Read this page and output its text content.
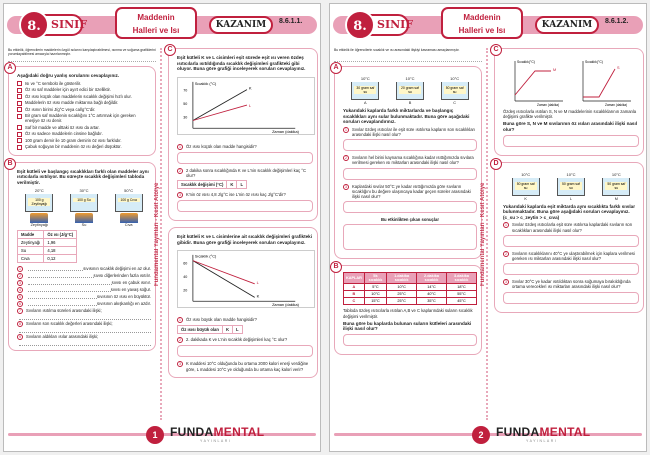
8. SINIF
Maddenin
Halleri ve Isı
KAZANIM	8.6.1.1.
Bu etkinlik, öğrencilerin maddelerin özgül ısılarını karşılaştırabilmesi, ısınma ve soğuma grafiklerini yorumlayabilmesi amacıyla hazırlanmıştır.
A
Aşağıdaki doğru yanlış sorularını cevaplayınız.
Isı ve °C sembolü ile gösterilir.
Öz ısı saf maddeler için ayırt edici bir özelliktir.
Öz ısısı küçük olan maddelerin sıcaklık değişimi hızlı olur.
Maddelerin öz ısısı madde miktarına bağlı değildir.
Öz ısının birimi J/g°C veya cal/g°C'dir.
Bir gram saf maddenin sıcaklığını 1°C artırmak için gereken enerjiye öz ısı denir.
Saf bir madde ve alttaki öz ısısı da artar.
Öz ısı sadece maddelerin cinsine bağlıdır.
100 gram demir ile 10 gram demirin öz ısısı farklıdır.
Çabuk soğuyan bir maddenin öz ısı değeri düşüktür.
B
Eşit kütleli ve başlangıç sıcaklıkları farklı olan maddeler aynı ısıtıcılarla ısıtılıyor. Bu süreçte sıcaklık değişimleri tabloda verilmiştir.
20°C
100 g Zeytinyağı
Zeytinyağı
30°C
100 g Su
Su
50°C
100 g Cıva
Cıva
Madde	Öz ısı (J/g°C)
Zeytinyağı	1,96
Su	4,18
Cıva	0,12
1	sıvısının sıcaklık değişimi en az olur.
2	sıvısı diğerlerinden fazla ısıtılır.
3	sıvısı en çabuk ısınır.
4	sıvısı en yavaş soğur.
5	sıvısının öz ısısı en büyüktür.
6	sıvısının akışkanlığı en azdır.
7	Sıvıların ısıtılma süreleri arasındaki ilişki;
8	Sıvıların son sıcaklık değerleri arasındaki ilişki;
9	Sıvıların aldıkları ısılar arasındaki ilişki;
C
Eşit kütleli K ve L cisimleri eşit sürede eşit ısı veren özdeş ısıtıcılarla ısıtıldığında sıcaklık değişimleri grafikteki gibi oluyor. Buna göre grafiği inceleyerek soruları cevaplayınız.
Sıcaklık (°C)
Zaman (dakika)
70
50
30
K
L
1	Öz ısısı küçük olan madde hangisidir?
2	2 dakika sonra sıcaklığında K ve L'nin sıcaklık değişimleri kaç °C olur?
Sıcaklık değişimi (°C)	K	L
3	K'nin öz ısısı 4,8 J/g°C ise L'nin öz ısısı kaç J/g°C'dir?
Eşit kütleli K ve L cisimlerine ait sıcaklık değişimleri grafikteki gibidir. Buna göre grafiği inceleyerek soruları cevaplayınız.
Sıcaklık (°C)
Zaman (dakika)
60
40
20
K
L
1	Öz ısısı büyük olan madde hangisidir?
Öz ısısı büyük olan	K	L
2	2. dakikada K ve L'nin sıcaklık değişimleri kaç °C olur?
3	K maddesi 10°C olduğunda bu ortama 2000 kalori enerji verdiğine göre, L maddesi 10°C ye olduğunda bu ortama kaç kalori verir?
Fundamental Yayınları - Kesit Atölye
1	FUNDAMENTAL
YAYINLARI
8. SINIF
Maddenin
Halleri ve Isı
KAZANIM	8.6.1.2.
Bu etkinlik ile öğrencilerin sıcaklık ve ısı arasındaki ilişkiyi kavraması amaçlanmıştır.
A
10°C
30 gram saf su
A
10°C
20 gram saf su
B
10°C
50 gram saf su
C
Yukarıdaki kaplarda farklı miktarlarda ve başlangıç sıcaklıkları aynı sular bulunmaktadır. Buna göre aşağıdaki soruları cevaplandırınız.
1	Sıvılar özdeş ısıtıcılar ile eşit süre ısıtılırsa kapların son sıcaklıkları arasındaki ilişki nasıl olur?
2	Sıvıların hel birini kaynama sıcaklığına kadar ısıttığımızda sıvılara verilmesi gereken ısı miktarları arasındaki ilişki nasıl olur?
3	Kaplardaki sıvılar 50°C ye kadar ısıttığımızda göre sıvıların sıcaklığını bu değere ulaşıncaya kadar geçen süreler arasındaki ilişki nasıl olur?
Bu etkinlikten çıkan sonuçlar
B
KAPLAR	İlk sıcaklık	1.dakika sıcaklık	2.dakika sıcaklık	3.dakika sıcaklık
A	5°C	10°C	14°C	18°C
B	10°C	25°C	40°C	55°C
C	15°C	25°C	35°C	45°C
Tabloda özdeş ısıtıcılarla ısıtılan A,B ve C kaplarındaki suların sıcaklık değişimi verilmiştir.
Buna göre bu kaplarda bulunan suların kütleleri arasındaki ilişki nasıl olur?
C
Sıcaklık(°C)
Zaman (dakika)
M
Sıcaklık(°C)
Zaman (dakika)
S
Özdeş ısıtıcılarla ısıtılan S, N ve M maddelerinin sıcaklıklarının zamanla değişimi grafikte verilmiştir.
Buna göre S, N ve M sıvılarının öz ısıları arasındaki ilişki nasıl olur?
D
10°C
50 gram saf su
K
10°C
50 gram saf su
L
10°C
50 gram saf su
M
Yukarıdaki kaplarda eşit miktarda aynı sıcaklıkta farklı sıvılar bulunmaktadır. Buna göre aşağıdaki soruları cevaplayınız. (c_su > c_zeytin > c_cıva)
1	Sıvılar özdeş ısıtıcılarla eşit süre ısıtılırsa kaplardaki sıvıların son sıcaklıkları arasındaki ilişki nasıl olur?
2	Sıvıların sıcaklıklarını 40°C ye ulaştırabilmek için kaplara verilmesi gereken ısı miktarları arasındaki ilişki nasıl olur?
3	Sıvılar 30°C ye kadar ısıtıldıktan sonra soğumaya bırakıldığında ortama verecekleri ısı miktarları arasındaki ilişki nasıl olur?
Fundamental Yayınları - Kesit Atölye
2	FUNDAMENTAL
YAYINLARI
